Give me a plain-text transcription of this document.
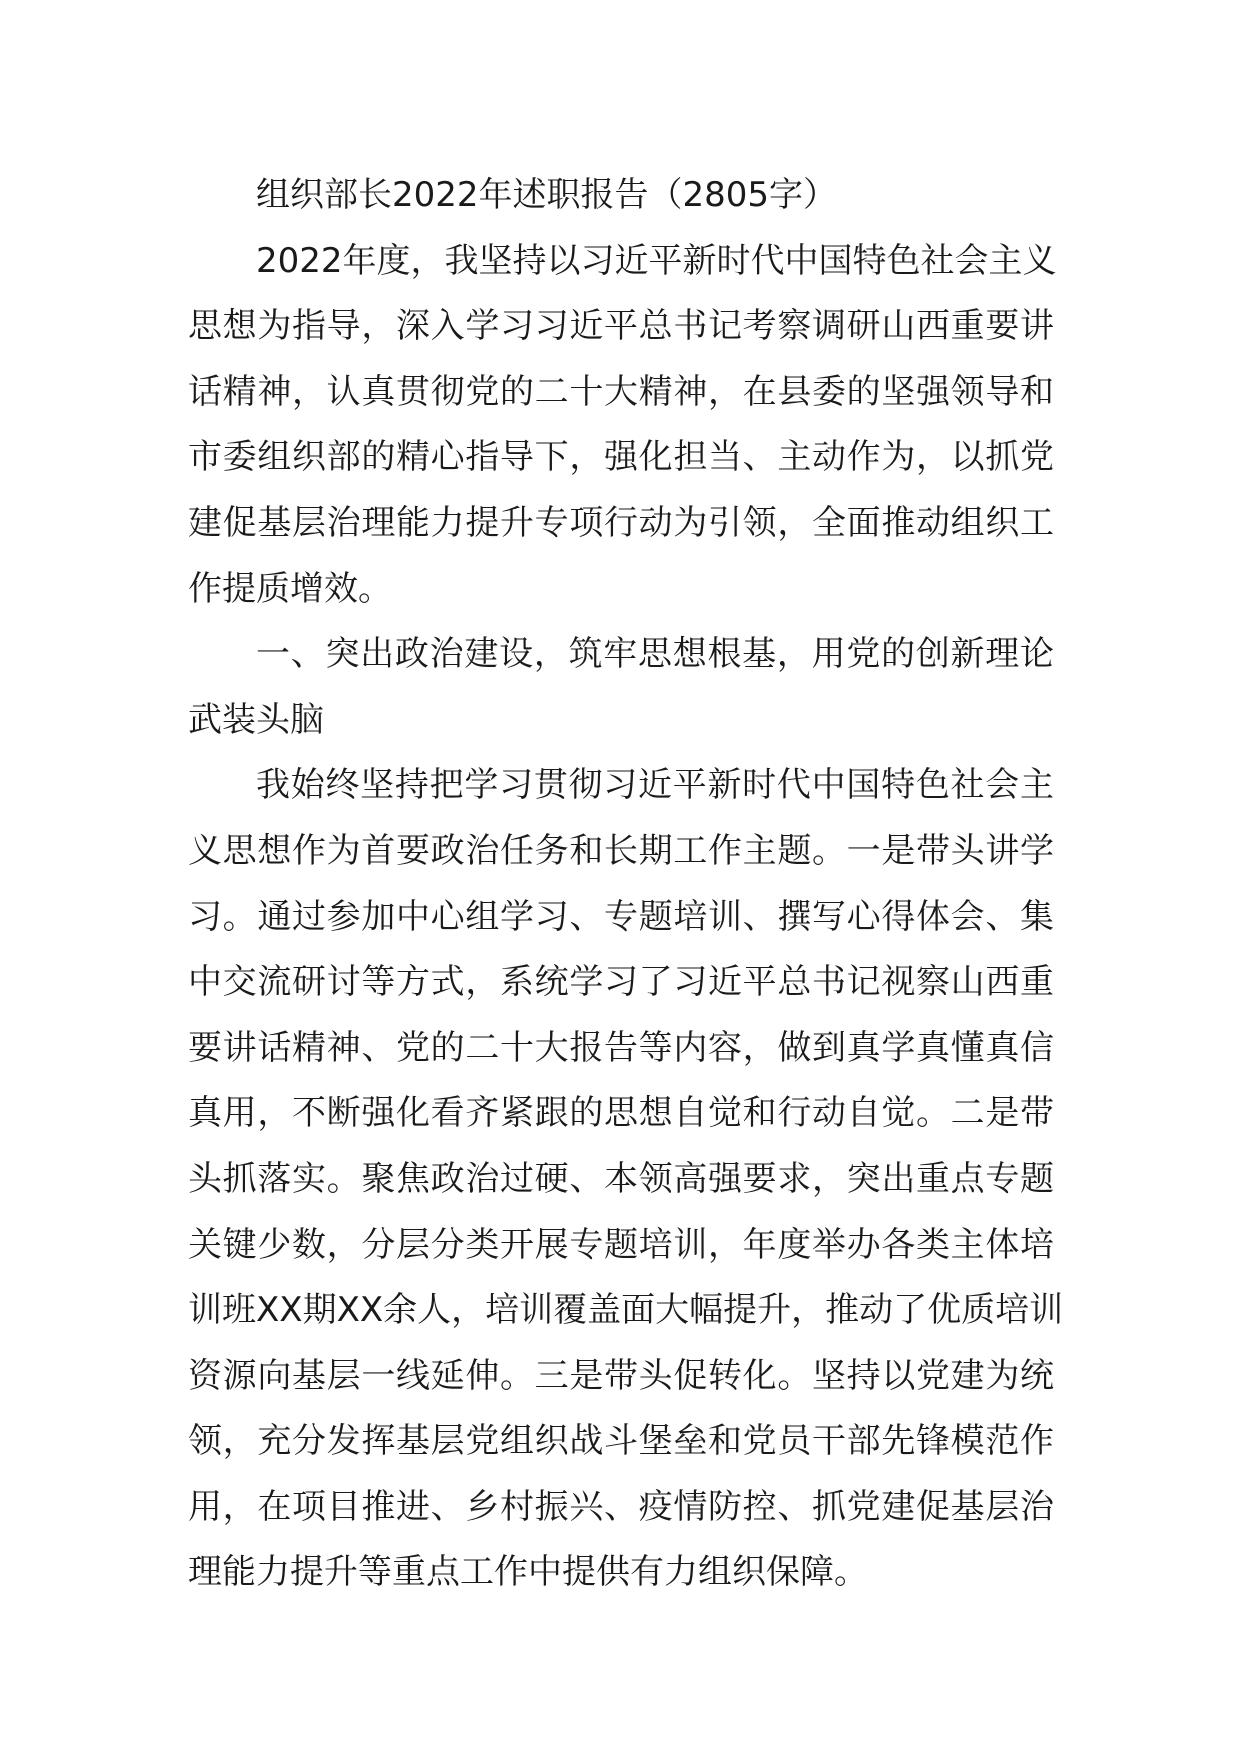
组织部长2022年述职报告（2805字）
2022年度，我坚持以习近平新时代中国特色社会主义
思想为指导，深入学习习近平总书记考察调研山西重要讲
话精神，认真贯彻党的二十大精神，在县委的坚强领导和
市委组织部的精心指导下，强化担当、主动作为，以抓党
建促基层治理能力提升专项行动为引领，全面推动组织工
作提质增效。
一、突出政治建设，筑牢思想根基，用党的创新理论
武装头脑
我始终坚持把学习贯彻习近平新时代中国特色社会主
义思想作为首要政治任务和长期工作主题。一是带头讲学
习。通过参加中心组学习、专题培训、撰写心得体会、集
中交流研讨等方式，系统学习了习近平总书记视察山西重
要讲话精神、党的二十大报告等内容，做到真学真懂真信
真用，不断强化看齐紧跟的思想自觉和行动自觉。二是带
头抓落实。聚焦政治过硬、本领高强要求，突出重点专题
关键少数，分层分类开展专题培训，年度举办各类主体培
训班XX期XX余人，培训覆盖面大幅提升，推动了优质培训
资源向基层一线延伸。三是带头促转化。坚持以党建为统
领，充分发挥基层党组织战斗堡垒和党员干部先锋模范作
用，在项目推进、乡村振兴、疫情防控、抓党建促基层治
理能力提升等重点工作中提供有力组织保障。
